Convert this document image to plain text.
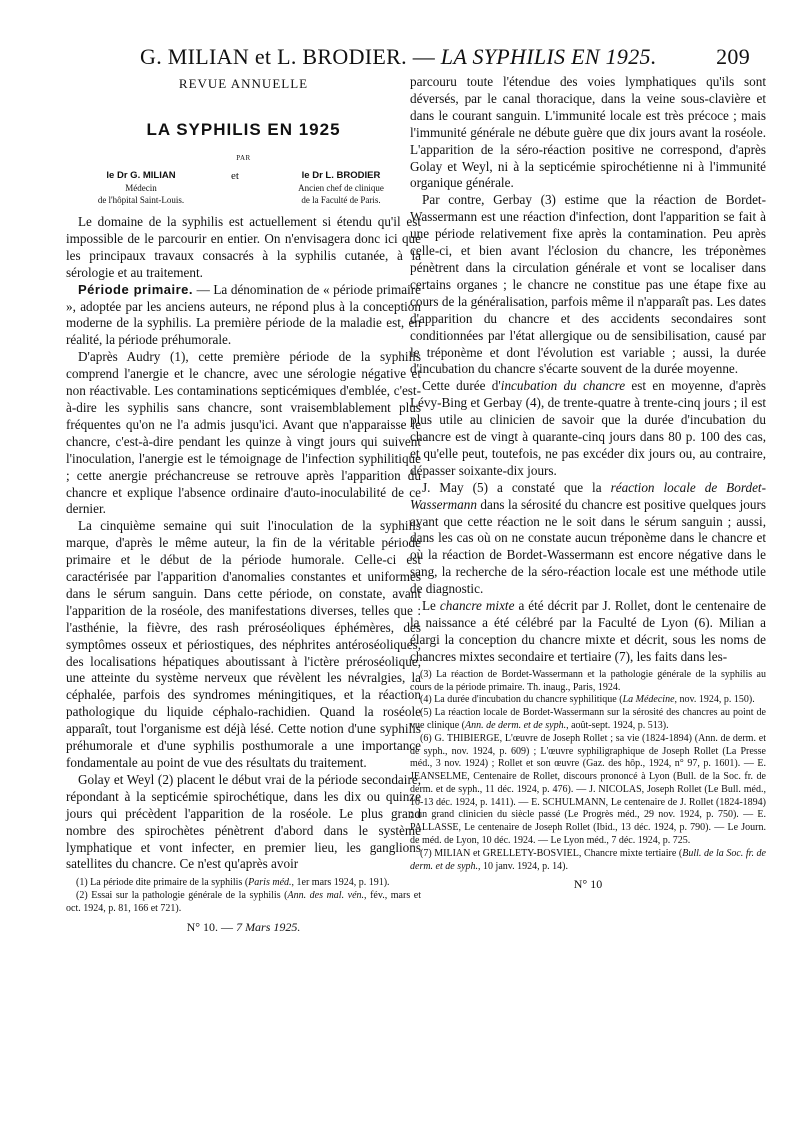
G. MILIAN et L. BRODIER. — LA SYPHILIS EN 1925.	209
REVUE ANNUELLE
LA SYPHILIS EN 1925
PAR
le Dr G. MILIAN
Médecin
de l'hôpital Saint-Louis.
et	le Dr L. BRODIER
Ancien chef de clinique
de la Faculté de Paris.

Le domaine de la syphilis est actuellement si étendu qu'il est impossible de le parcourir en entier. On n'envisagera donc ici que les principaux travaux consacrés à la syphilis cutanée, à la sérologie et au traitement.

Période primaire. — La dénomination de « période primaire », adoptée par les anciens auteurs, ne répond plus à la conception moderne de la syphilis. La première période de la maladie est, en réalité, la période préhumorale.

D'après Audry (1), cette première période de la syphilis comprend l'anergie et le chancre, avec une sérologie négative et non réactivable. Les contaminations septicémiques d'emblée, c'est-à-dire les syphilis sans chancre, sont vraisemblablement plus fréquentes qu'on ne l'a admis jusqu'ici. Avant que n'apparaisse le chancre, c'est-à-dire pendant les quinze à vingt jours qui suivent l'inoculation, l'anergie est le témoignage de l'infection syphilitique ; cette anergie préchancreuse se retrouve après l'apparition du chancre et explique l'absence ordinaire d'auto-inoculabilité de ce dernier.

La cinquième semaine qui suit l'inoculation de la syphilis marque, d'après le même auteur, la fin de la véritable période primaire et le début de la période humorale. Celle-ci est caractérisée par l'apparition d'anomalies constantes et uniformes dans le sérum sanguin. Dans cette période, on constate, avant l'apparition de la roséole, des manifestations diverses, telles que : l'asthénie, la fièvre, des rash préroséoliques éphémères, des symptômes osseux et périostiques, des néphrites antéroséoliques, des localisations hépatiques aboutissant à l'ictère préroséolique, une atteinte du système nerveux que révèlent les névralgies, la céphalée, parfois des syndromes méningitiques, et la réaction pathologique du liquide céphalo-rachidien. Quand la roséole apparaît, tout l'organisme est déjà lésé. Cette notion d'une syphilis préhumorale et d'une syphilis posthumorale a une importance fondamentale au point de vue des résultats du traitement.

Golay et Weyl (2) placent le début vrai de la période secondaire, répondant à la septicémie spirochétique, dans les dix ou quinze jours qui précèdent l'apparition de la roséole. Le plus grand nombre des spirochètes pénètrent d'abord dans le système lymphatique et vont infecter, en premier lieu, les ganglions satellites du chancre. Ce n'est qu'après avoir

(1) La période dite primaire de la syphilis (Paris méd., 1er mars 1924, p. 191).

(2) Essai sur la pathologie générale de la syphilis (Ann. des mal. vén., fév., mars et oct. 1924, p. 81, 166 et 721).

N° 10. — 7 Mars 1925.

parcouru toute l'étendue des voies lymphatiques qu'ils sont déversés, par le canal thoracique, dans la veine sous-clavière et dans le courant sanguin. L'immunité locale est très précoce ; mais l'immunité générale ne débute guère que dix jours avant la roséole. L'apparition de la séro-réaction positive ne correspond, d'après Golay et Weyl, ni à la septicémie spirochétienne ni à l'immunité organique générale.

Par contre, Gerbay (3) estime que la réaction de Bordet-Wassermann est une réaction d'infection, dont l'apparition se fait à une période relativement fixe après la contamination. Peu après celle-ci, et bien avant l'éclosion du chancre, les tréponèmes pénètrent dans la circulation générale et vont se localiser dans certains organes ; le chancre ne constitue pas une étape fixe au cours de la généralisation, parfois même il n'apparaît pas. Les dates d'apparition du chancre et des accidents secondaires sont conditionnées par l'état allergique ou de sensibilisation, causé par le tréponème et dont l'évolution est variable ; aussi, la durée d'incubation du chancre s'écarte souvent de la durée moyenne.

Cette durée d'incubation du chancre est en moyenne, d'après Lévy-Bing et Gerbay (4), de trente-quatre à trente-cinq jours ; il est plus utile au clinicien de savoir que la durée d'incubation du chancre est de vingt à quarante-cinq jours dans 80 p. 100 des cas, et qu'elle peut, toutefois, ne pas excéder dix jours ou, au contraire, dépasser soixante-dix jours.

J. May (5) a constaté que la réaction locale de Bordet-Wassermann dans la sérosité du chancre est positive quelques jours avant que cette réaction ne le soit dans le sérum sanguin ; aussi, dans les cas où on ne constate aucun tréponème dans le chancre et où la réaction de Bordet-Wassermann est encore négative dans le sang, la recherche de la séro-réaction locale est une méthode utile de diagnostic.

Le chancre mixte a été décrit par J. Rollet, dont le centenaire de la naissance a été célébré par la Faculté de Lyon (6). Milian a élargi la conception du chancre mixte et décrit, sous les noms de chancres mixtes secondaire et tertiaire (7), les faits dans les-

(3) La réaction de Bordet-Wassermann et la pathologie générale de la syphilis au cours de la période primaire. Th. inaug., Paris, 1924.

(4) La durée d'incubation du chancre syphilitique (La Médecine, nov. 1924, p. 150).

(5) La réaction locale de Bordet-Wassermann sur la sérosité des chancres au point de vue clinique (Ann. de derm. et de syph., août-sept. 1924, p. 513).

(6) G. THIBIERGE, L'œuvre de Joseph Rollet ; sa vie (1824-1894) (Ann. de derm. et de syph., nov. 1924, p. 609) ; L'œuvre syphiligraphique de Joseph Rollet (La Presse méd., 3 nov. 1924) ; Rollet et son œuvre (Gaz. des hôp., 1924, n° 97, p. 1601). — E. JEANSELME, Centenaire de Rollet, discours prononcé à Lyon (Bull. de la Soc. fr. de derm. et de syph., 11 déc. 1924, p. 476). — J. NICOLAS, Joseph Rollet (Le Bull. méd., 10-13 déc. 1924, p. 1411). — E. SCHULMANN, Le centenaire de J. Rollet (1824-1894) ; un grand clinicien du siècle passé (Le Progrès méd., 29 nov. 1924, p. 750). — E. PALLASSE, Le centenaire de Joseph Rollet (Ibid., 13 déc. 1924, p. 790). — Le Journ. de méd. de Lyon, 10 déc. 1924. — Le Lyon méd., 7 déc. 1924, p. 725.

(7) MILIAN et GRELLETY-BOSVIEL, Chancre mixte tertiaire (Bull. de la Soc. fr. de derm. et de syph., 10 janv. 1924, p. 14).

N° 10
